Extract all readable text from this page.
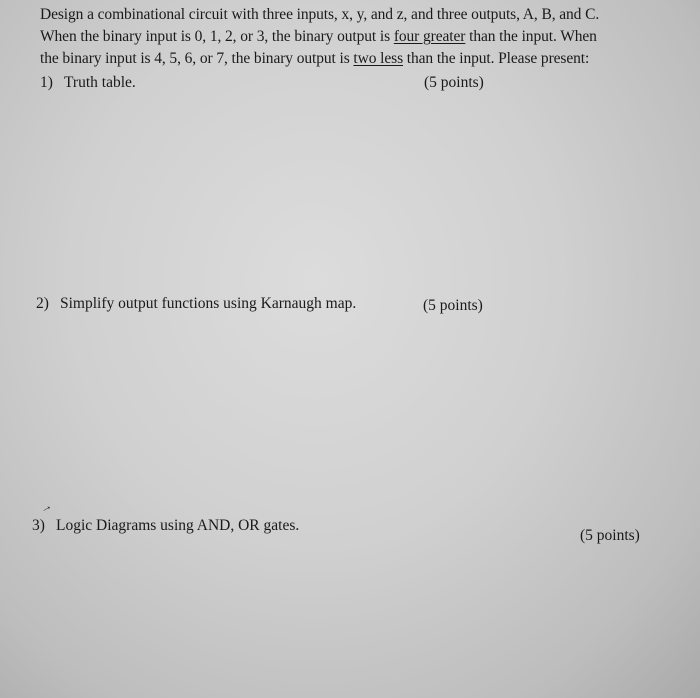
Design a combinational circuit with three inputs, x, y, and z, and three outputs, A, B, and C.
When the binary input is 0, 1, 2, or 3, the binary output is four greater than the input. When
the binary input is 4, 5, 6, or 7, the binary output is two less than the input. Please present:
1) Truth table.	(5 points)
2) Simplify output functions using Karnaugh map.	(5 points)
→
3) Logic Diagrams using AND, OR gates.
(5 points)
